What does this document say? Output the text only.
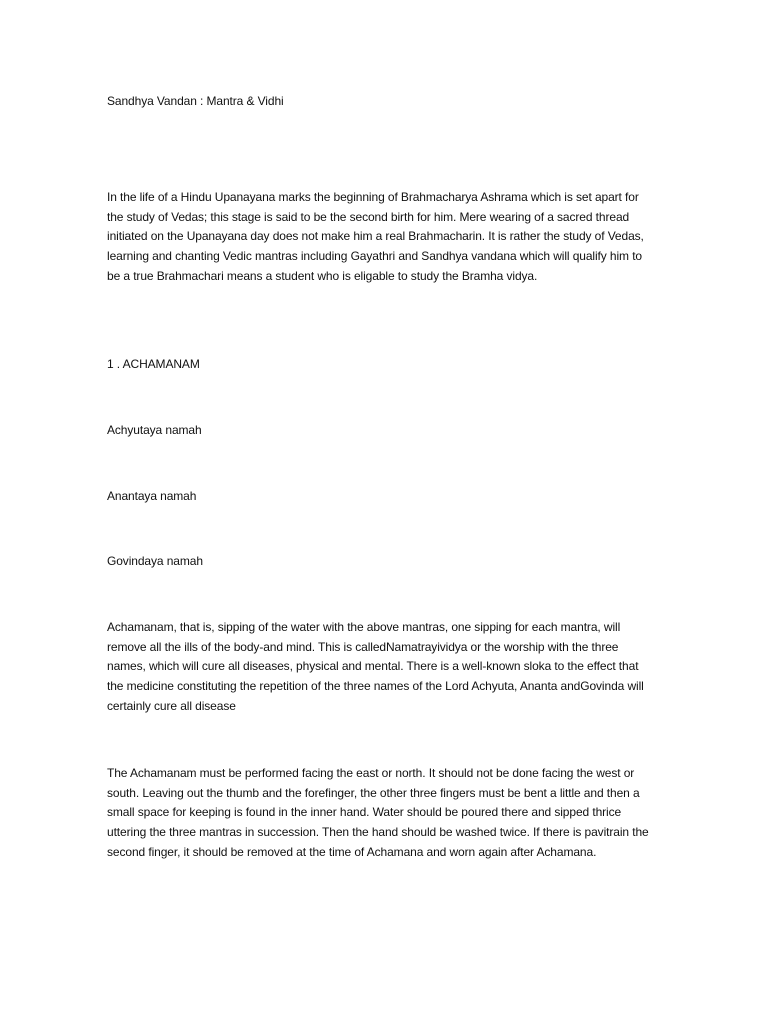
Sandhya Vandan : Mantra & Vidhi

In the life of a Hindu Upanayana marks the beginning of Brahmacharya Ashrama which is set apart for the study of Vedas; this stage is said to be the second birth for him. Mere wearing of a sacred thread initiated on the Upanayana day does not make him a real Brahmacharin. It is rather the study of Vedas, learning and chanting Vedic mantras including Gayathri and Sandhya vandana which will qualify him to be a true Brahmachari means a student who is eligable to study the Bramha vidya.

1 . ACHAMANAM

Achyutaya namah

Anantaya namah

Govindaya namah

Achamanam, that is, sipping of the water with the above mantras, one sipping for each mantra, will remove all the ills of the body-and mind. This is calledNamatrayividya or the worship with the three names, which will cure all diseases, physical and mental. There is a well-known sloka to the effect that the medicine constituting the repetition of the three names of the Lord Achyuta, Ananta andGovinda will certainly cure all disease

The Achamanam must be performed facing the east or north. It should not be done facing the west or south. Leaving out the thumb and the forefinger, the other three fingers must be bent a little and then a small space for keeping is found in the inner hand. Water should be poured there and sipped thrice uttering the three mantras in succession. Then the hand should be washed twice. If there is pavitrain the second finger, it should be removed at the time of Achamana and worn again after Achamana.
